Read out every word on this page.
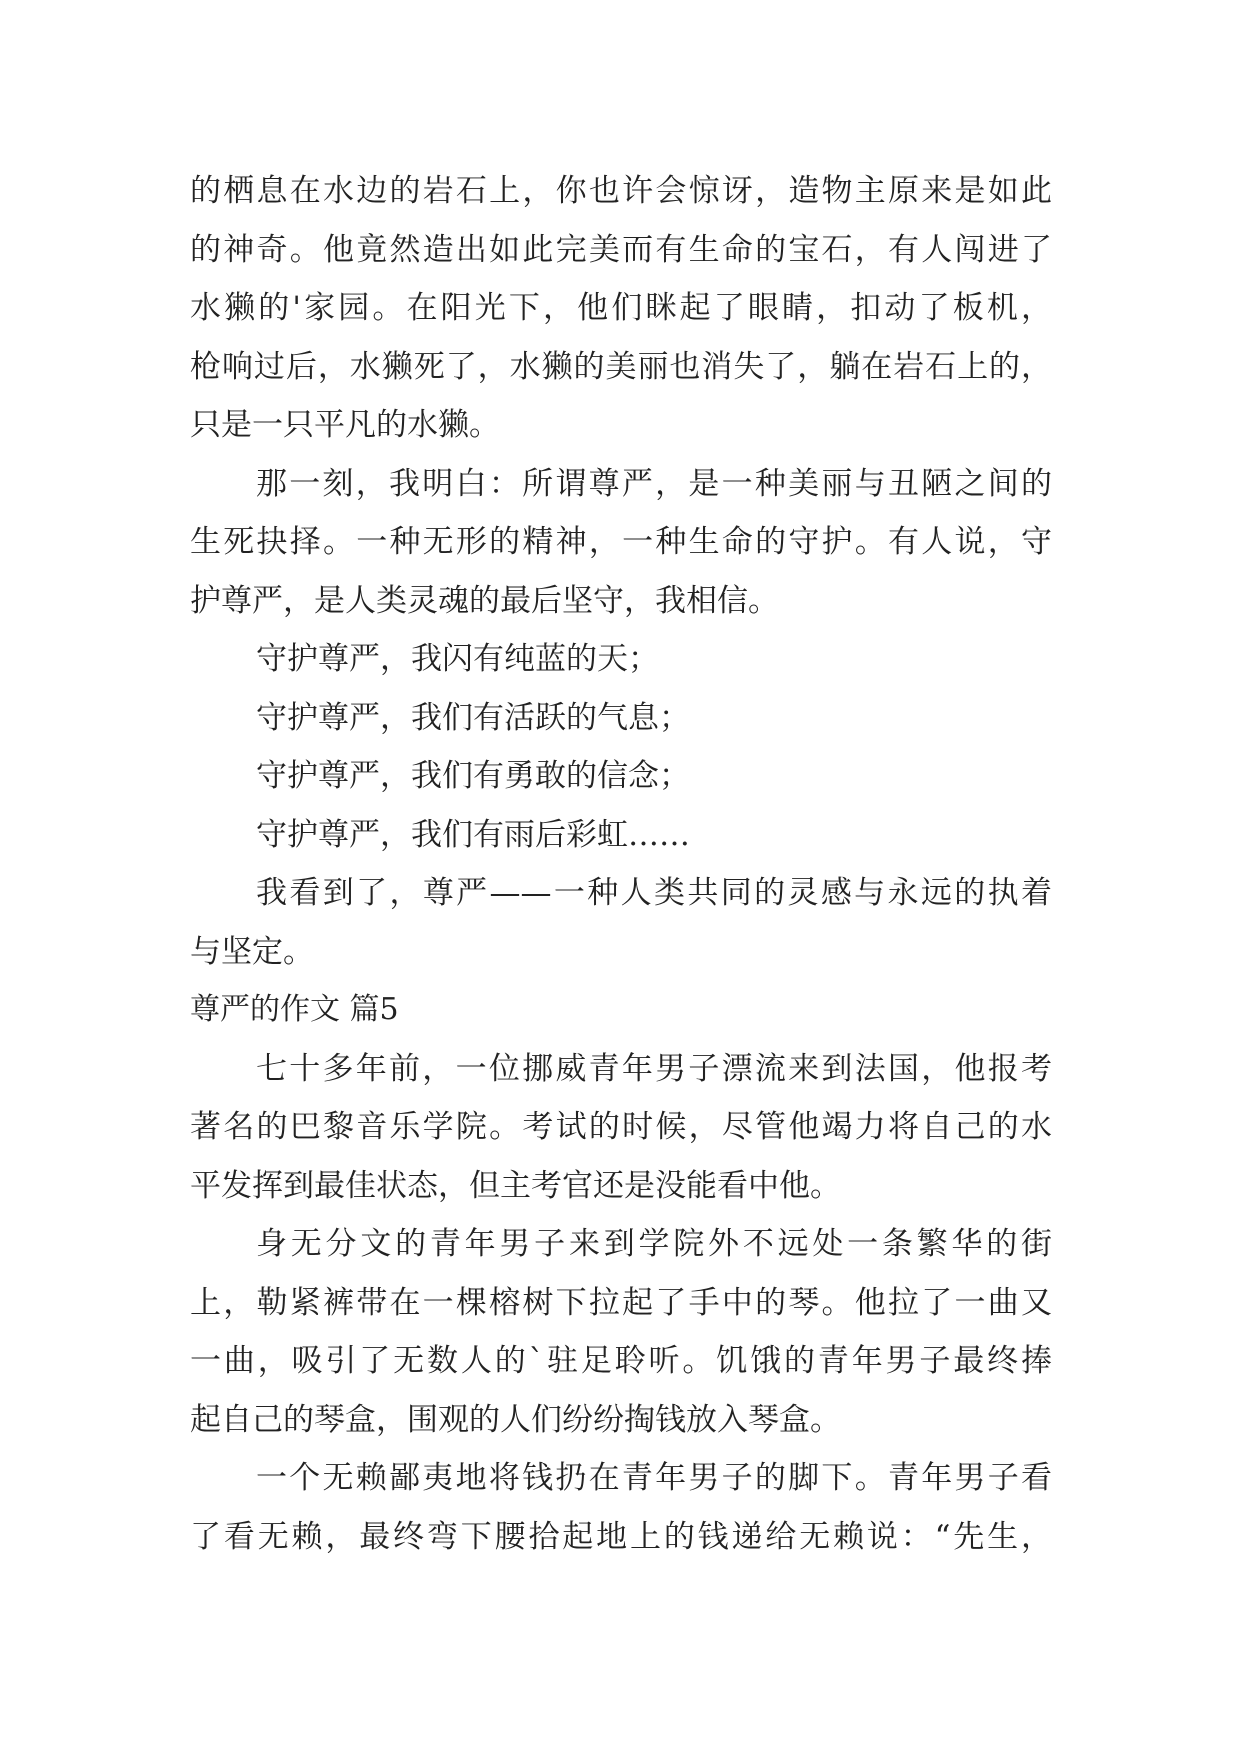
的栖息在水边的岩石上，你也许会惊讶，造物主原来是如此
的神奇。他竟然造出如此完美而有生命的宝石，有人闯进了
水獭的'家园。在阳光下，他们眯起了眼睛，扣动了板机，
枪响过后，水獭死了，水獭的美丽也消失了，躺在岩石上的，
只是一只平凡的水獭。
那一刻，我明白：所谓尊严，是一种美丽与丑陋之间的
生死抉择。一种无形的精神，一种生命的守护。有人说，守
护尊严，是人类灵魂的最后坚守，我相信。
守护尊严，我闪有纯蓝的天；
守护尊严，我们有活跃的气息；
守护尊严，我们有勇敢的信念；
守护尊严，我们有雨后彩虹……
我看到了，尊严——一种人类共同的灵感与永远的执着
与坚定。
尊严的作文 篇5
七十多年前，一位挪威青年男子漂流来到法国，他报考
著名的巴黎音乐学院。考试的时候，尽管他竭力将自己的水
平发挥到最佳状态，但主考官还是没能看中他。
身无分文的青年男子来到学院外不远处一条繁华的街
上，勒紧裤带在一棵榕树下拉起了手中的琴。他拉了一曲又
一曲，吸引了无数人的`驻足聆听。饥饿的青年男子最终捧
起自己的琴盒，围观的人们纷纷掏钱放入琴盒。
一个无赖鄙夷地将钱扔在青年男子的脚下。青年男子看
了看无赖，最终弯下腰拾起地上的钱递给无赖说：“先生，
